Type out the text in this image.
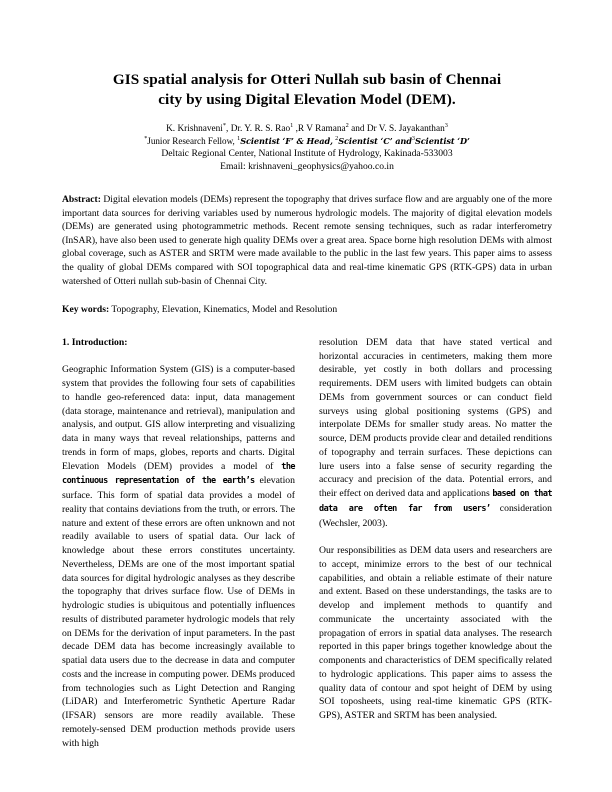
GIS spatial analysis for Otteri Nullah sub basin of Chennai
city by using Digital Elevation Model (DEM).
K. Krishnaveni*, Dr. Y. R. S. Rao$^1$ ,R V Ramana$^2$ and Dr V. S. Jayakanthan$^3$
*Junior Research Fellow, $^1$Scientist ‘F’ & Head, $^2$Scientist ‘C’ and$^3$Scientist ‘D’
Deltaic Regional Center, National Institute of Hydrology, Kakinada-533003
Email: krishnaveni_geophysics@yahoo.co.in
Abstract: Digital elevation models (DEMs) represent the topography that drives surface flow and are arguably one of the more important data sources for deriving variables used by numerous hydrologic models. The majority of digital elevation models (DEMs) are generated using photogrammetric methods. Recent remote sensing techniques, such as radar interferometry (InSAR), have also been used to generate high quality DEMs over a great area. Space borne high resolution DEMs with almost global coverage, such as ASTER and SRTM were made available to the public in the last few years. This paper aims to assess the quality of global DEMs compared with SOI topographical data and real-time kinematic GPS (RTK-GPS) data in urban watershed of Otteri nullah sub-basin of Chennai City.
Key words: Topography, Elevation, Kinematics, Model and Resolution

1. Introduction:

Geographic Information System (GIS) is a computer-based system that provides the following four sets of capabilities to handle geo-referenced data: input, data management (data storage, maintenance and retrieval), manipulation and analysis, and output. GIS allow interpreting and visualizing data in many ways that reveal relationships, patterns and trends in form of maps, globes, reports and charts. Digital Elevation Models (DEM) provides a model of the continuous representation of the earth’s elevation surface. This form of spatial data provides a model of reality that contains deviations from the truth, or errors. The nature and extent of these errors are often unknown and not readily available to users of spatial data. Our lack of knowledge about these errors constitutes uncertainty. Nevertheless, DEMs are one of the most important spatial data sources for digital hydrologic analyses as they describe the topography that drives surface flow. Use of DEMs in hydrologic studies is ubiquitous and potentially influences results of distributed parameter hydrologic models that rely on DEMs for the derivation of input parameters. In the past decade DEM data has become increasingly available to spatial data users due to the decrease in data and computer costs and the increase in computing power. DEMs produced from technologies such as Light Detection and Ranging (LiDAR) and Interferometric Synthetic Aperture Radar (IFSAR) sensors are more readily available. These remotely-sensed DEM production methods provide users with high

resolution DEM data that have stated vertical and horizontal accuracies in centimeters, making them more desirable, yet costly in both dollars and processing requirements. DEM users with limited budgets can obtain DEMs from government sources or can conduct field surveys using global positioning systems (GPS) and interpolate DEMs for smaller study areas. No matter the source, DEM products provide clear and detailed renditions of topography and terrain surfaces. These depictions can lure users into a false sense of security regarding the accuracy and precision of the data. Potential errors, and their effect on derived data and applications based on that data are often far from users’ consideration (Wechsler, 2003).

Our responsibilities as DEM data users and researchers are to accept, minimize errors to the best of our technical capabilities, and obtain a reliable estimate of their nature and extent. Based on these understandings, the tasks are to develop and implement methods to quantify and communicate the uncertainty associated with the propagation of errors in spatial data analyses. The research reported in this paper brings together knowledge about the components and characteristics of DEM specifically related to hydrologic applications. This paper aims to assess the quality data of contour and spot height of DEM by using SOI toposheets, using real-time kinematic GPS (RTK-GPS), ASTER and SRTM has been analysied.
